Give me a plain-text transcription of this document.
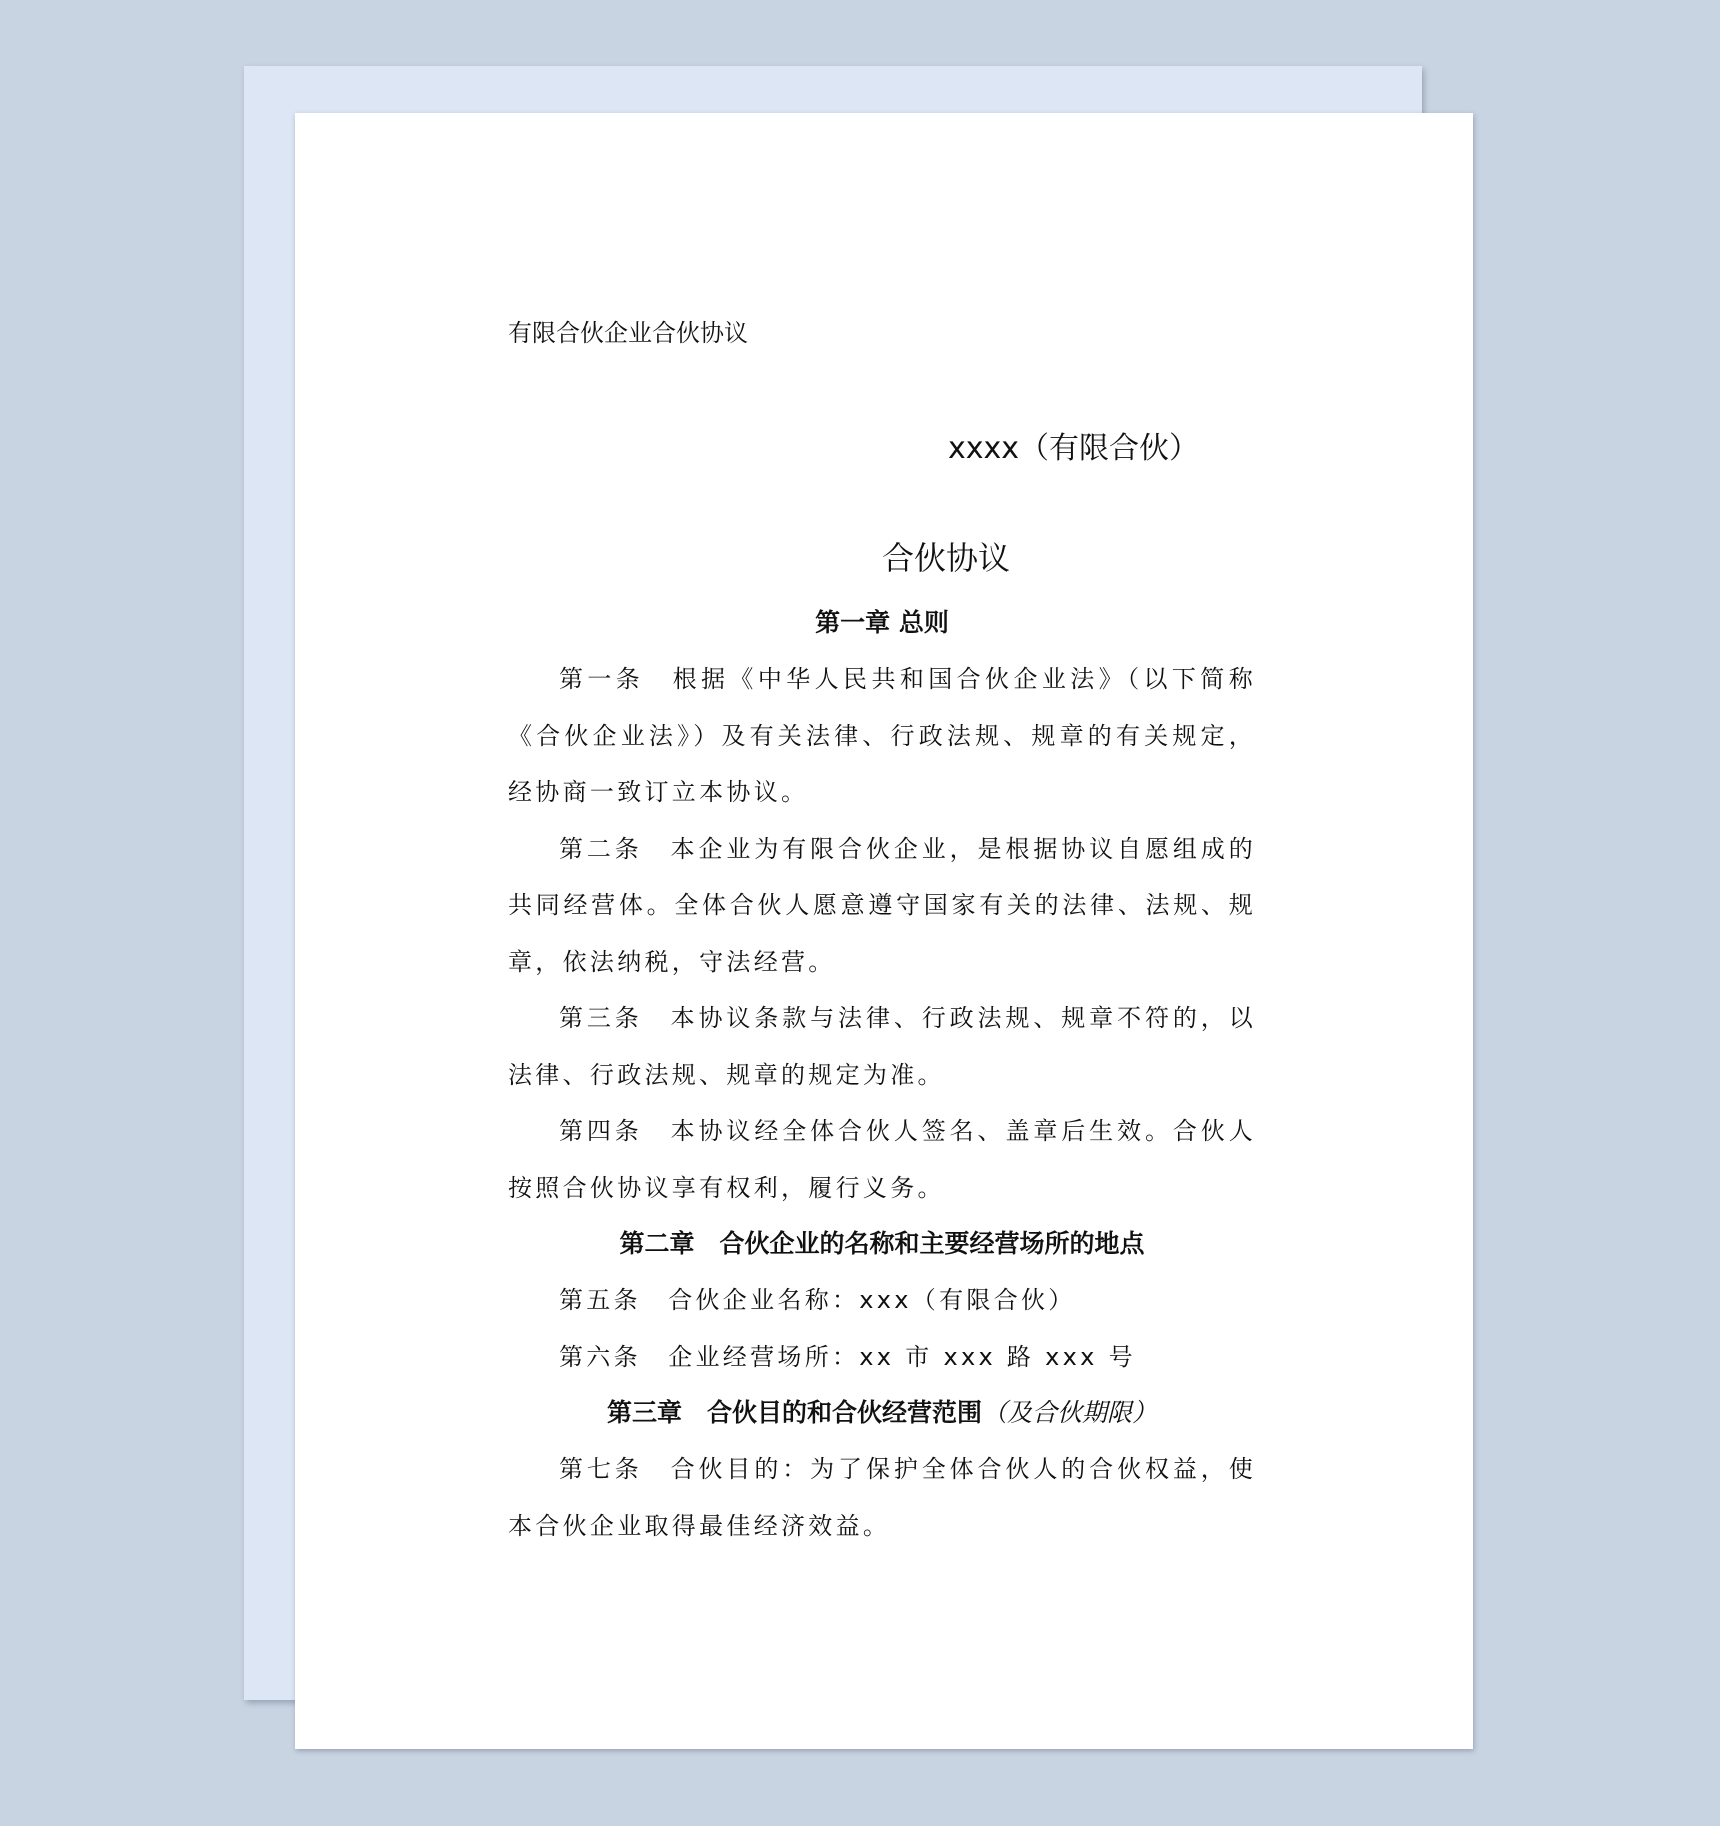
有限合伙企业合伙协议
xxxx（有限合伙）
合伙协议
第一章 总则
第一条　根据《中华人民共和国合伙企业法》（以下简称《合伙企业法》）及有关法律、行政法规、规章的有关规定，经协商一致订立本协议。
第二条　本企业为有限合伙企业，是根据协议自愿组成的共同经营体。全体合伙人愿意遵守国家有关的法律、法规、规章，依法纳税，守法经营。
第三条　本协议条款与法律、行政法规、规章不符的，以法律、行政法规、规章的规定为准。
第四条　本协议经全体合伙人签名、盖章后生效。合伙人按照合伙协议享有权利，履行义务。
第二章　合伙企业的名称和主要经营场所的地点
第五条　合伙企业名称：xxx（有限合伙）
第六条　企业经营场所：xx 市 xxx 路 xxx 号
第三章　合伙目的和合伙经营范围（及合伙期限）
第七条　合伙目的：为了保护全体合伙人的合伙权益，使本合伙企业取得最佳经济效益。
